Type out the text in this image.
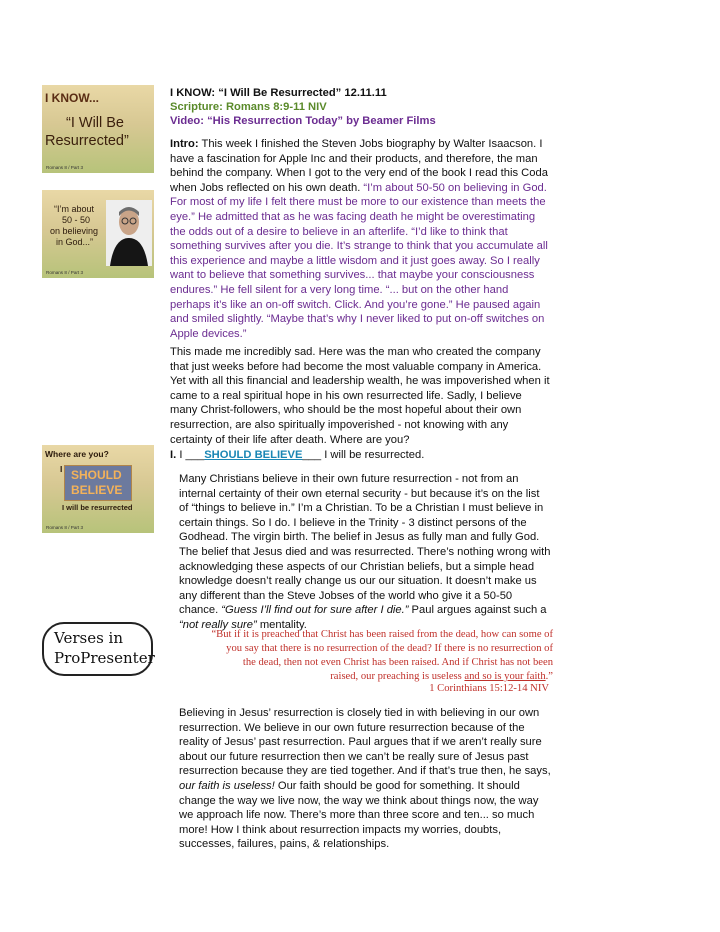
I KNOW...
“I Will Be
Resurrected”
Romans 8 / Part 3
“I’m about
50 - 50
on believing
in God...”
Romans 8 / Part 3
Where are you?
I SHOULD
BELIEVE
I will be resurrected
Romans 8 / Part 3
Verses in
ProPresenter
I KNOW: “I Will Be Resurrected” 12.11.11
Scripture: Romans 8:9-11 NIV
Video: “His Resurrection Today” by Beamer Films
Intro: This week I finished the Steven Jobs biography by Walter Isaacson. I have a fascination for Apple Inc and their products, and therefore, the man behind the company. When I got to the very end of the book I read this Coda when Jobs reflected on his own death. “I’m about 50-50 on believing in God. For most of my life I felt there must be more to our existence than meets the eye.” He admitted that as he was facing death he might be overestimating the odds out of a desire to believe in an afterlife. “I’d like to think that something survives after you die. It’s strange to think that you accumulate all this experience and maybe a little wisdom and it just goes away. So I really want to believe that something survives... that maybe your consciousness endures.” He fell silent for a very long time. “... but on the other hand perhaps it’s like an on-off switch. Click. And you’re gone.” He paused again and smiled slightly. “Maybe that’s why I never liked to put on-off switches on Apple devices.”
This made me incredibly sad. Here was the man who created the company that just weeks before had become the most valuable company in America. Yet with all this financial and leadership wealth, he was impoverished when it came to a real spiritual hope in his own resurrected life. Sadly, I believe many Christ-followers, who should be the most hopeful about their own resurrection, are also spiritually impoverished - not knowing with any certainty of their life after death. Where are you?
I. I ___SHOULD BELIEVE___ I will be resurrected.
Many Christians believe in their own future resurrection - not from an internal certainty of their own eternal security - but because it’s on the list of “things to believe in.” I’m a Christian. To be a Christian I must believe in certain things. So I do. I believe in the Trinity - 3 distinct persons of the Godhead. The virgin birth. The belief in Jesus as fully man and fully God. The belief that Jesus died and was resurrected. There’s nothing wrong with acknowledging these aspects of our Christian beliefs, but a simple head knowledge doesn’t really change us our our situation. It doesn’t make us any different than the Steve Jobses of the world who give it a 50-50 chance. “Guess I’ll find out for sure after I die.” Paul argues against such a “not really sure” mentality.
“But if it is preached that Christ has been raised from the dead, how can some of
you say that there is no resurrection of the dead? If there is no resurrection of
the dead, then not even Christ has been raised. And if Christ has not been
raised, our preaching is useless and so is your faith.”
1 Corinthians 15:12-14 NIV
Believing in Jesus’ resurrection is closely tied in with believing in our own resurrection. We believe in our own future resurrection because of the reality of Jesus’ past resurrection. Paul argues that if we aren’t really sure about our future resurrection then we can’t be really sure of Jesus past resurrection because they are tied together. And if that’s true then, he says, our faith is useless! Our faith should be good for something. It should change the way we live now, the way we think about things now, the way we approach life now. There’s more than three score and ten... so much more! How I think about resurrection impacts my worries, doubts, successes, failures, pains, & relationships.
